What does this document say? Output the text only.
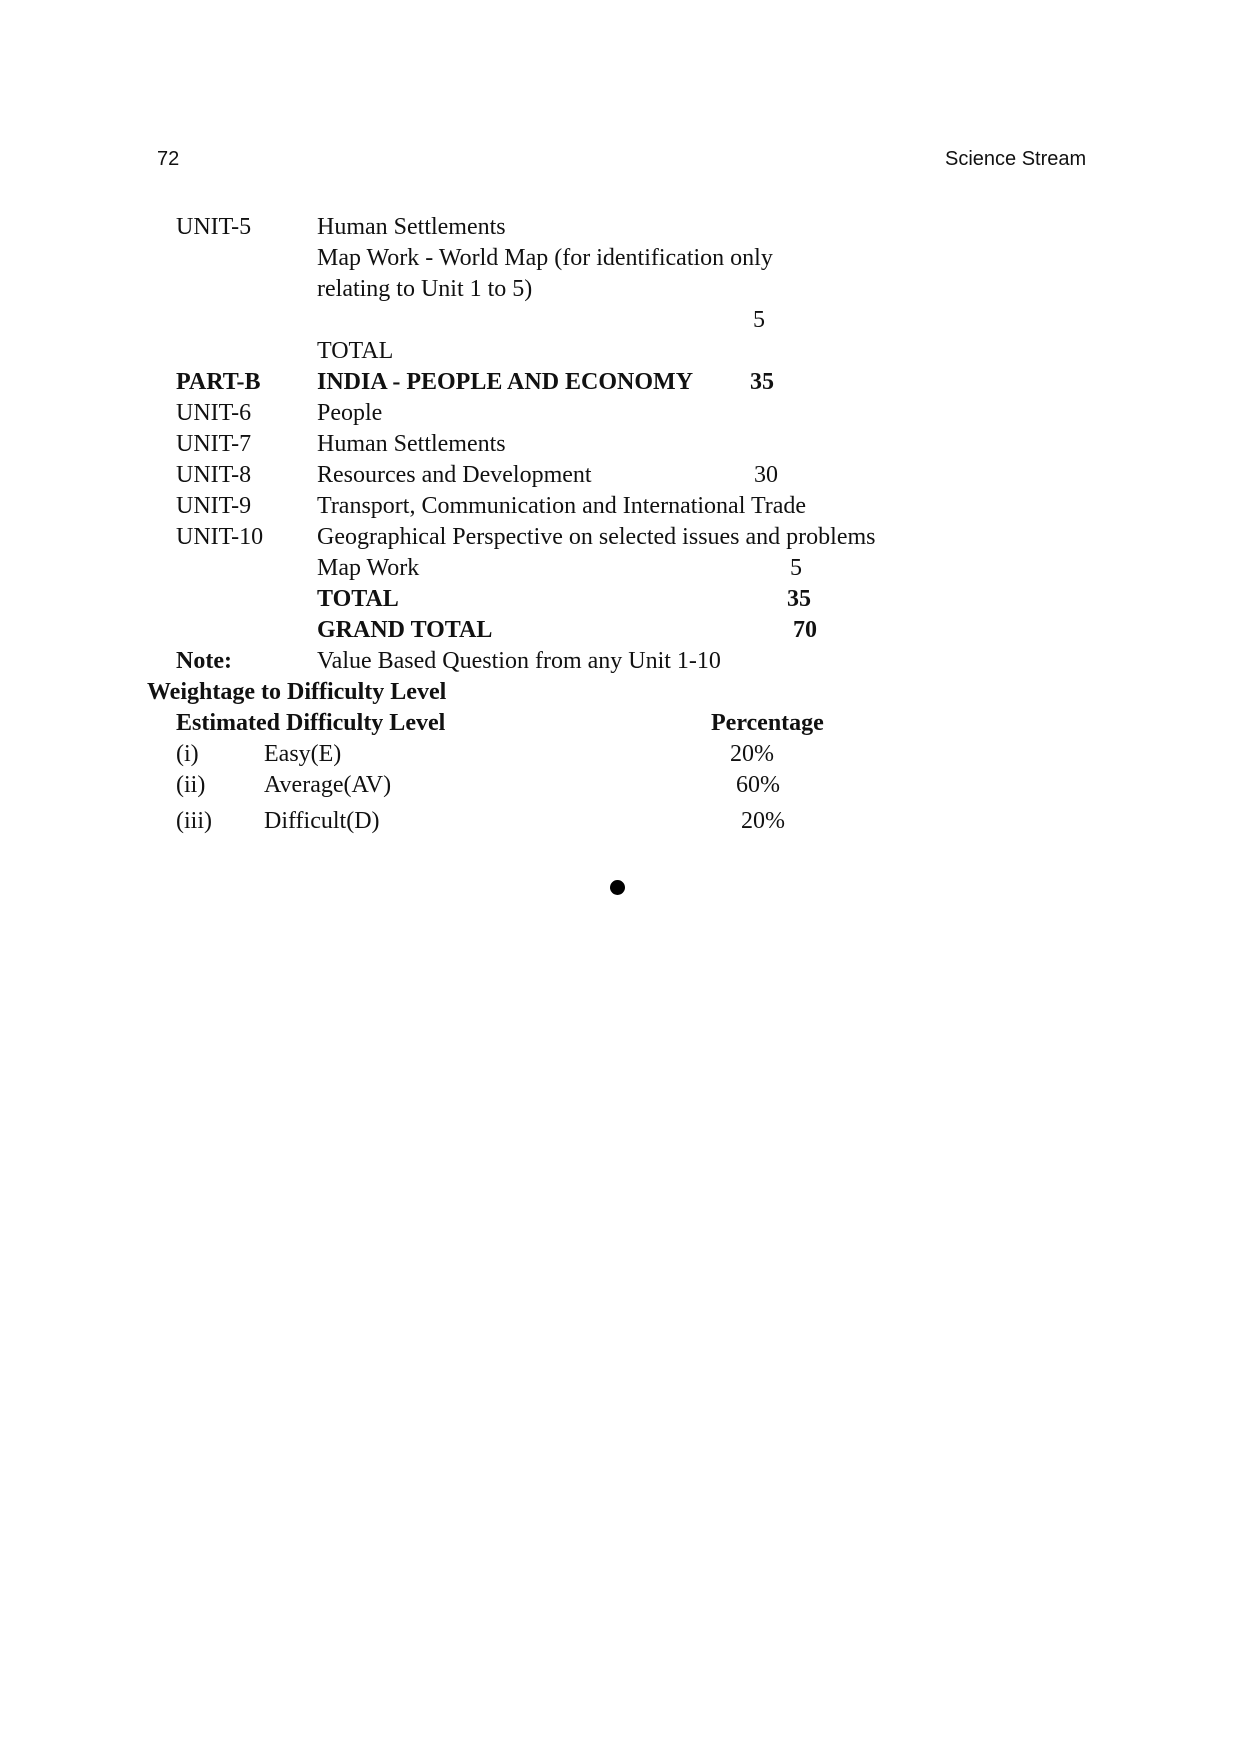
72	Science Stream
UNIT-5	Human Settlements
Map Work - World Map (for identification only
relating to Unit 1 to 5)
5
TOTAL
PART-B INDIA - PEOPLE AND ECONOMY 35
UNIT-6	People
UNIT-7	Human Settlements
UNIT-8	Resources and Development	30
UNIT-9	Transport, Communication and International Trade
UNIT-10 Geographical Perspective on selected issues and problems
Map Work	5
TOTAL	35
GRAND TOTAL	70
Note:	Value Based Question from any Unit 1-10
Weightage to Difficulty Level
Estimated Difficulty Level	Percentage
(i)	Easy(E)	20%
(ii) Average(AV)	60%
(iii) Difficult(D)	20%
